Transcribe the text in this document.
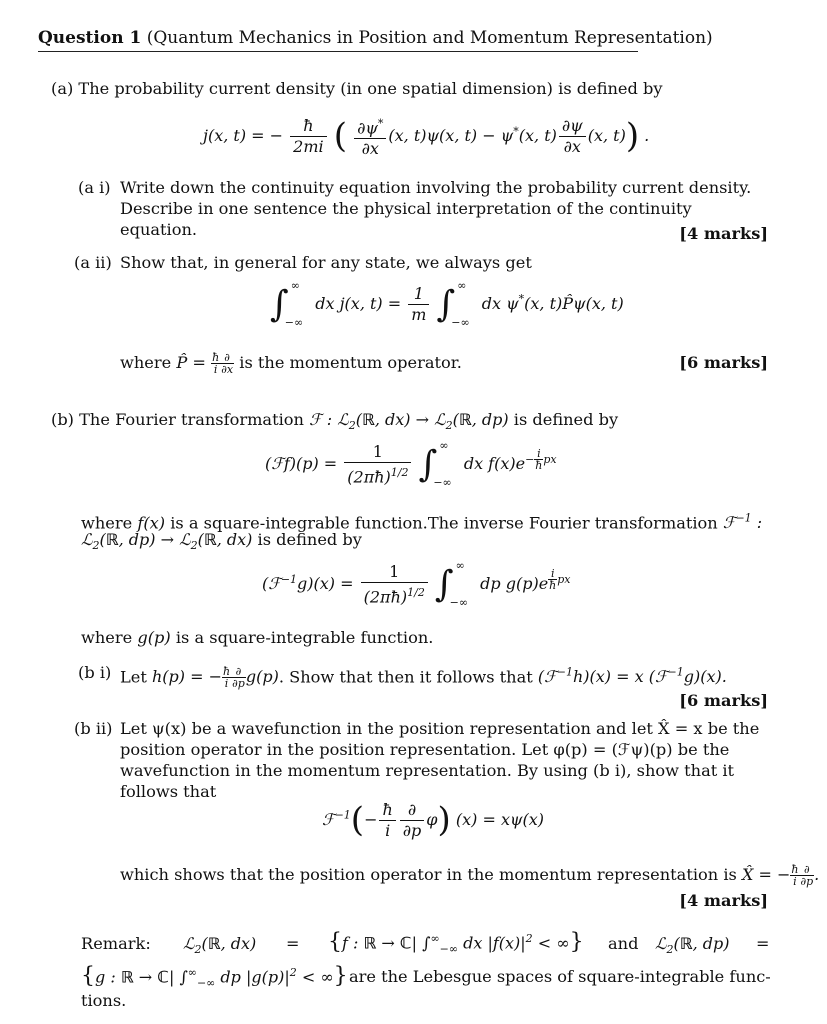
Question 1 (Quantum Mechanics in Position and Momentum Representation)
(a) The probability current density (in one spatial dimension) is defined by
j(x, t) = − $\frac{ħ}{2mi}$ ( $\frac{\partial\psi^*}{\partial x} (x$, t)ψ(x, t) − ψ*(x, $t) \frac{\partial\psi}{\partial x} (x$, t)) .
(a i) Write down the continuity equation involving the probability current density. Describe in one sentence the physical interpretation of the continuity equation.	[4 marks]
(a ii) Show that, in general for any state, we always get
∫ ∞
−∞
dx j(x, $t) = \frac{1}{m}$ ∫ ∞
−∞
dx ψ*(x, t)P̂ψ(x, t)
where P̂ = $\frac{ħ}{i} \frac{\partial}{\partial x}$ is the momentum operator.	[6 marks]
(b) The Fourier transformation ℱ : ℒ$_2$(ℝ, dx) → ℒ$_2$(ℝ, dp) is defined by
(ℱf)(p) = $\frac{1}{(2\pi ħ)^{1/2}}$ ∫ ∞
−∞
dx $f(x)e^{- \frac{i}{ħ} px}$
where f(x) is a square-integrable function.The inverse Fourier transformation ℱ$^{-1}$ :
ℒ$_2$(ℝ, dp) → ℒ$_2$(ℝ, dx) is defined by
(ℱ$^{-1}$g)(x) = $\frac{1}{(2\pi ħ)^{1/2}}$ ∫ ∞
−∞
dp g(p)e $^{\frac{i}{ħ} px}$
where g(p) is a square-integrable function.
(b i) Let h(p) = − $\frac{ħ}{i} \frac{\partial}{\partial p} g(p)$. Show that then it follows that (ℱ$^{-1}$h)(x) = x (ℱ$^{-1}$g)(x).
[6 marks]
(b ii) Let ψ(x) be a wavefunction in the position representation and let X̂ = x be the position operator in the position representation. Let φ(p) = (ℱψ)(p) be the wavefunction in the momentum representation. By using (b i), show that it follows that
ℱ$^{-1}$(− $\frac{ħ}{i} \frac{\partial}{\partial p} \varphi$) (x) = xψ(x)
which shows that the position operator in the momentum representation is X̂ = − $\frac{ħ}{i} \frac{\partial}{\partial p}$ .
[4 marks]
Remark: ℒ$_2$(ℝ, dx) = {f : ℝ → ℂ| $\int^\infty_{-\infty}$ dx $|f(x)|^2$ < ∞} and ℒ$_2$(ℝ, dp) =
{g : ℝ → ℂ| $\int^\infty_{-\infty}$ dp $|g(p)|^2$ < ∞} are the Lebesgue spaces of square-integrable func-
tions.
